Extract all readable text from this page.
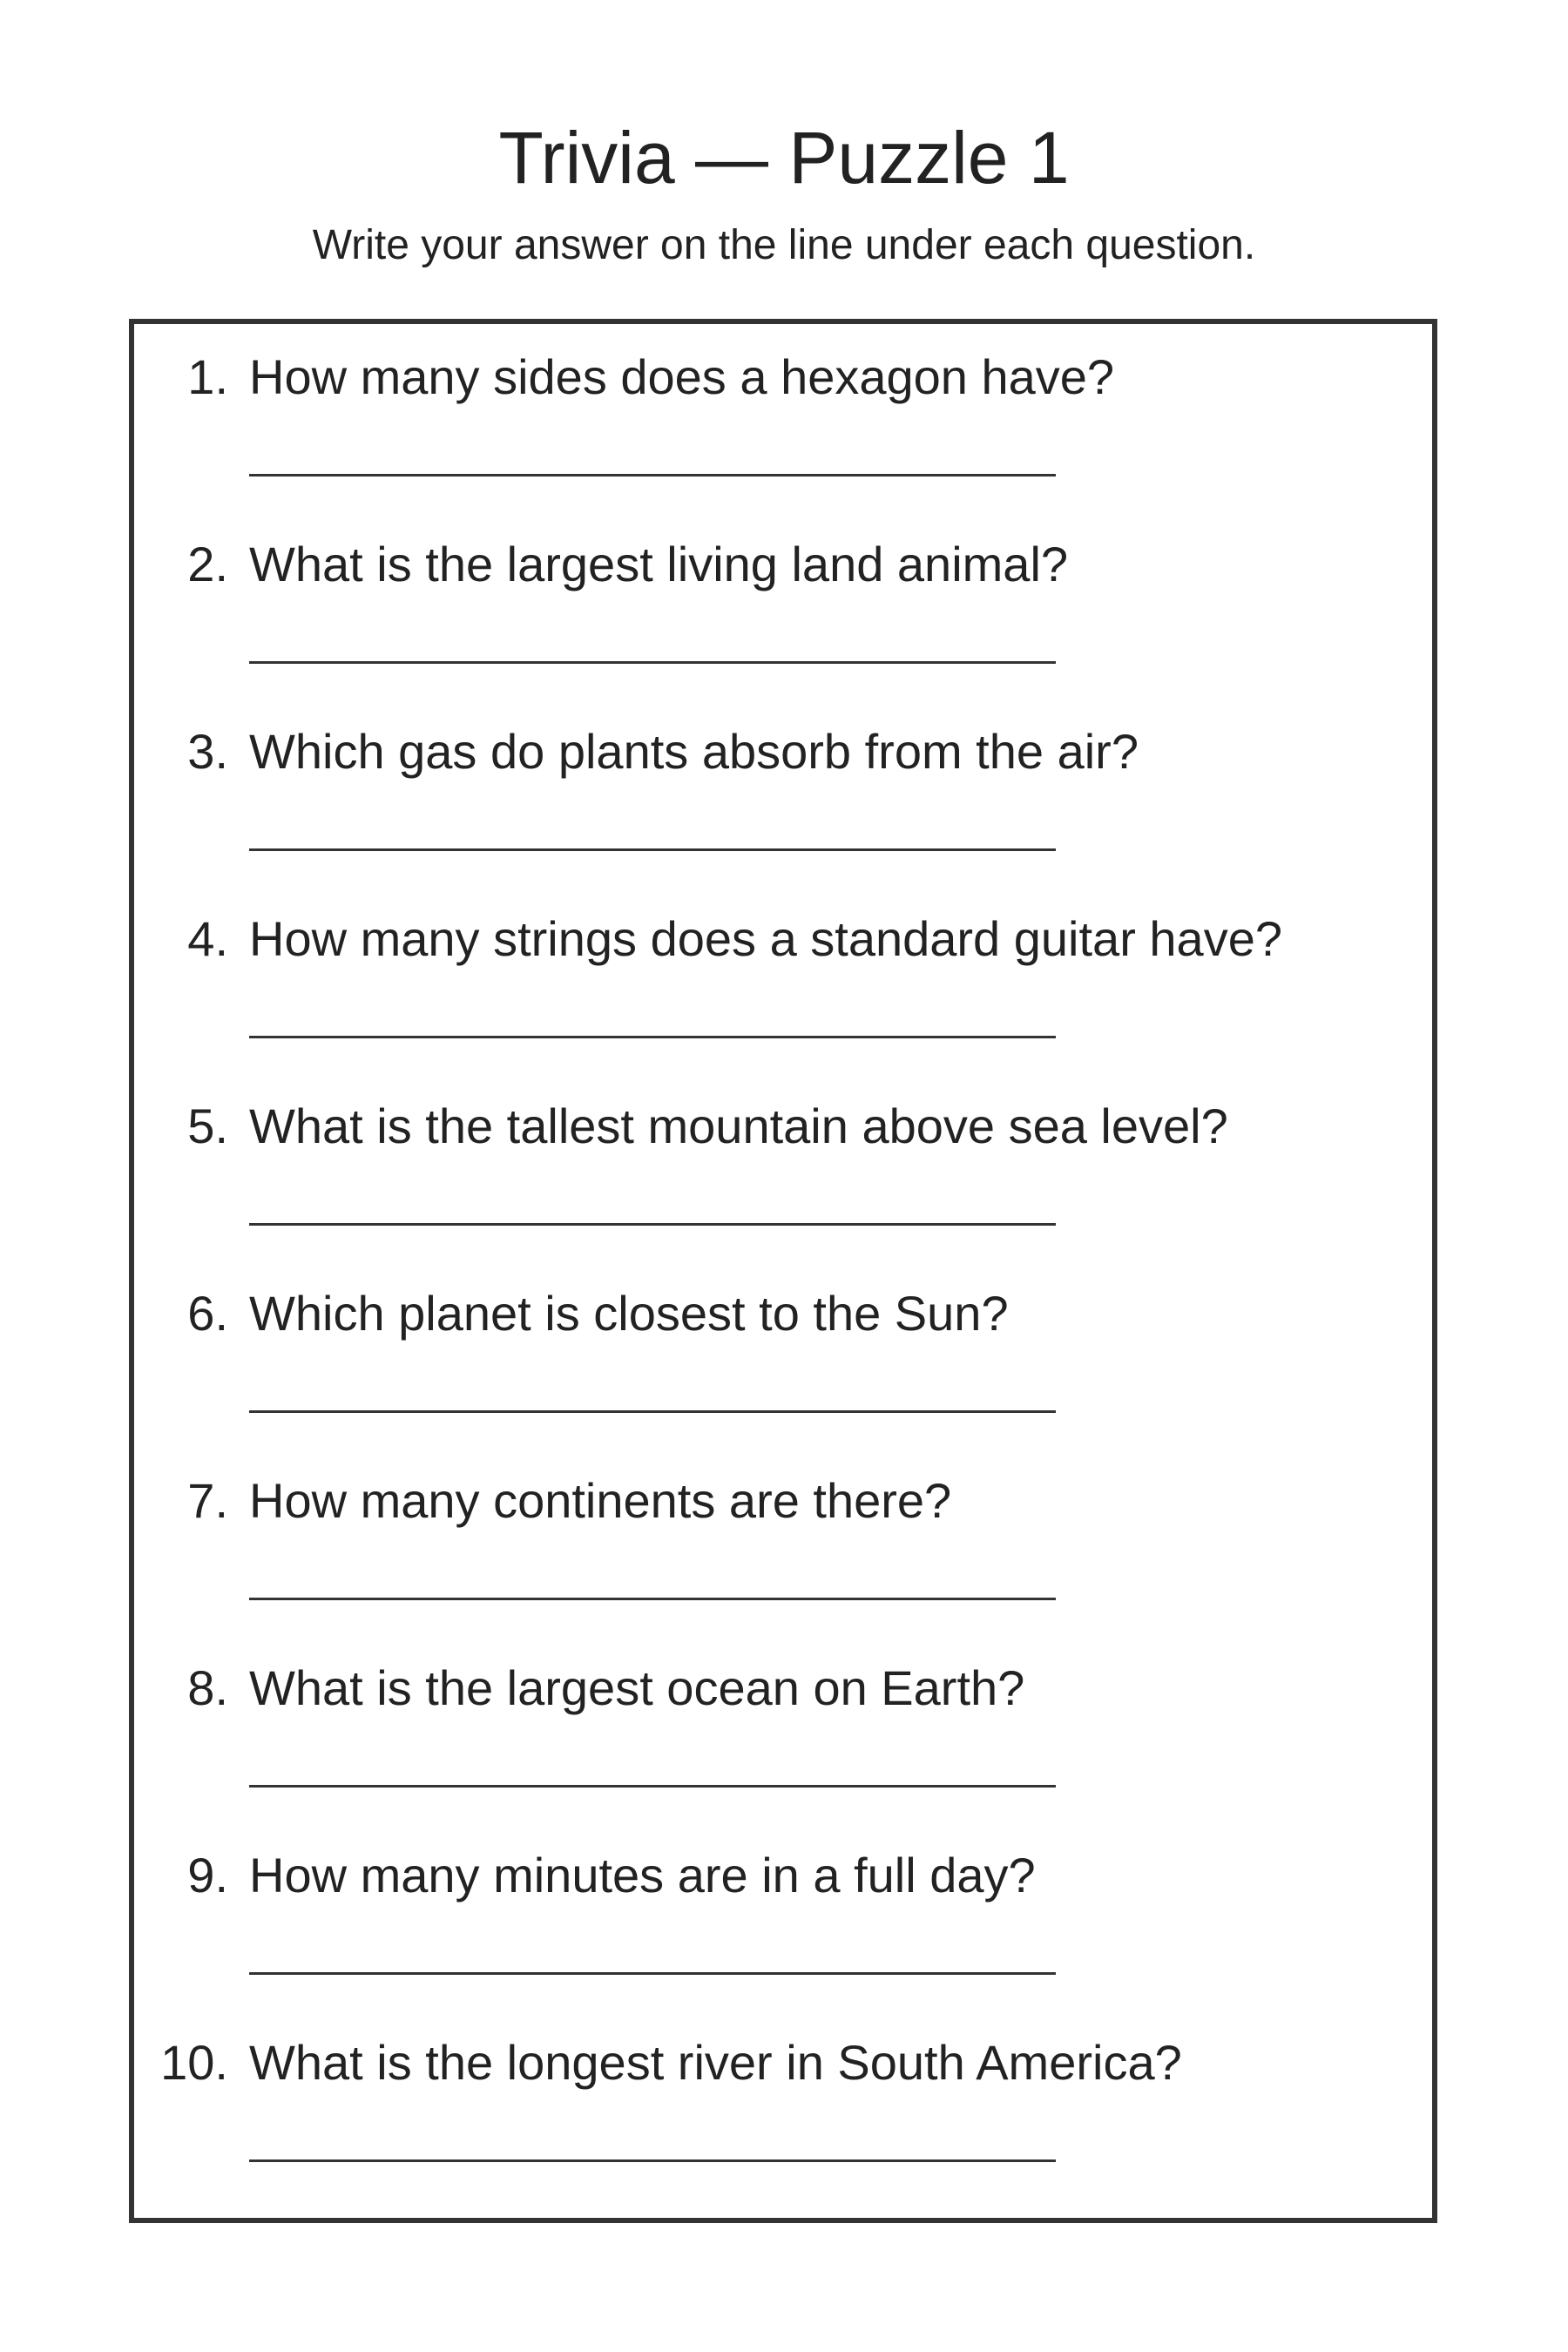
Trivia — Puzzle 1
Write your answer on the line under each question.
1. How many sides does a hexagon have?
2. What is the largest living land animal?
3. Which gas do plants absorb from the air?
4. How many strings does a standard guitar have?
5. What is the tallest mountain above sea level?
6. Which planet is closest to the Sun?
7. How many continents are there?
8. What is the largest ocean on Earth?
9. How many minutes are in a full day?
10. What is the longest river in South America?
